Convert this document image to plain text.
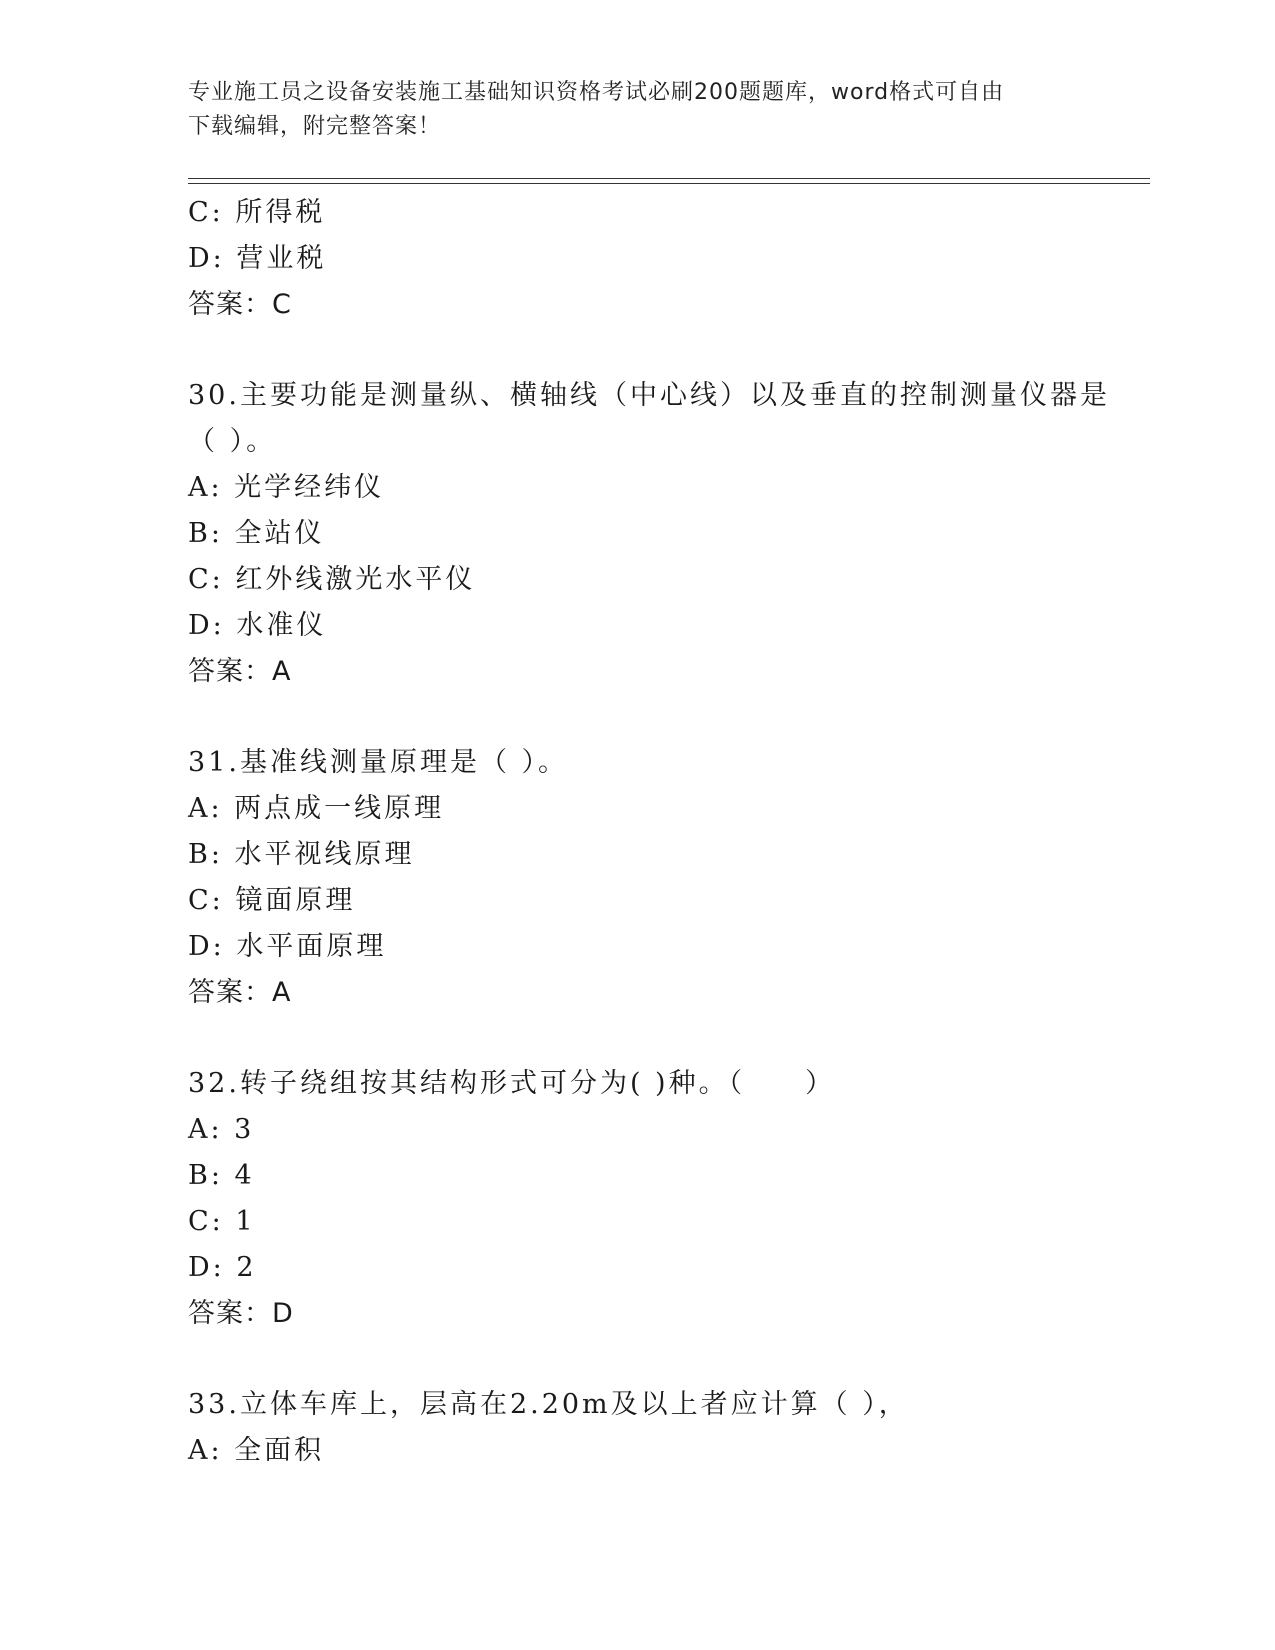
专业施工员之设备安装施工基础知识资格考试必刷200题题库，word格式可自由
下载编辑，附完整答案！
C: 所得税
D: 营业税
答案：C
30.主要功能是测量纵、横轴线（中心线）以及垂直的控制测量仪器是
（ ）。
A: 光学经纬仪
B: 全站仪
C: 红外线激光水平仪
D: 水准仪
答案：A
31.基准线测量原理是（ ）。
A: 两点成一线原理
B: 水平视线原理
C: 镜面原理
D: 水平面原理
答案：A
32.转子绕组按其结构形式可分为( )种。（　　）
A: 3
B: 4
C: 1
D: 2
答案：D
33.立体车库上，层高在2.20m及以上者应计算（ ），
A: 全面积
